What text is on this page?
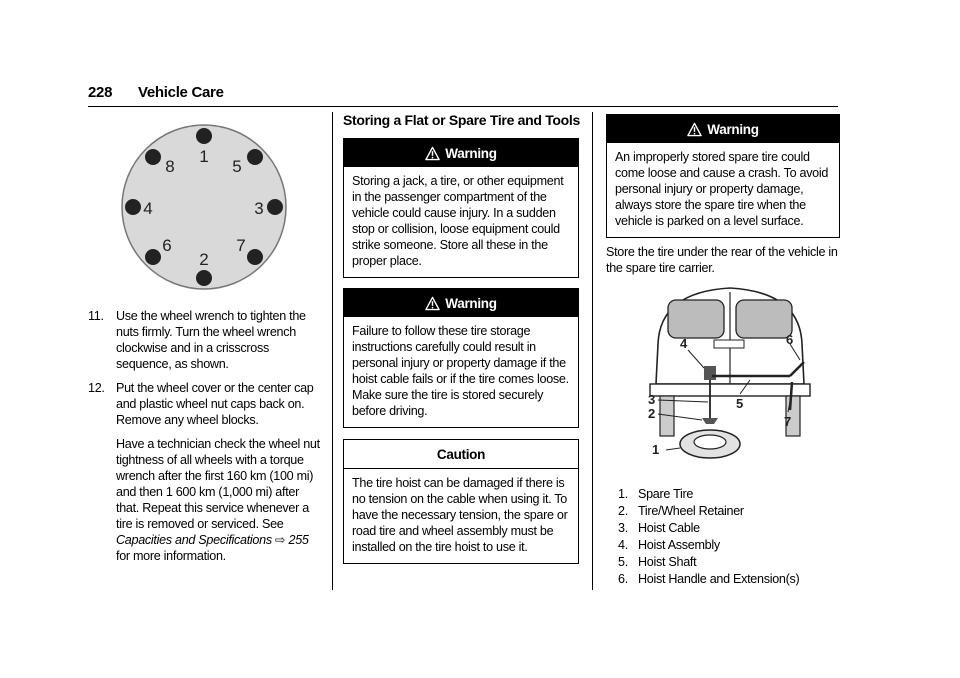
228 Vehicle Care
1
2
3
4
5
6	7
8
11. Use the wheel wrench to tighten the nuts firmly. Turn the wheel wrench clockwise and in a crisscross sequence, as shown.

12. Put the wheel cover or the center cap and plastic wheel nut caps back on. Remove any wheel blocks.

Have a technician check the wheel nut tightness of all wheels with a torque wrench after the first 160 km (100 mi) and then 1 600 km (1,000 mi) after that. Repeat this service whenever a tire is removed or serviced. See Capacities and Specifications ⇨ 255 for more information.

Storing a Flat or Spare Tire and Tools
Warning
Storing a jack, a tire, or other equipment in the passenger compartment of the vehicle could cause injury. In a sudden stop or collision, loose equipment could strike someone. Store all these in the proper place.
Warning
Failure to follow these tire storage instructions carefully could result in personal injury or property damage if the hoist cable fails or if the tire comes loose. Make sure the tire is stored securely before driving.
Caution
The tire hoist can be damaged if there is no tension on the cable when using it. To have the necessary tension, the spare or road tire and wheel assembly must be installed on the tire hoist to use it.
Warning
An improperly stored spare tire could come loose and cause a crash. To avoid personal injury or property damage, always store the spare tire when the vehicle is parked on a level surface.
Store the tire under the rear of the vehicle in the spare tire carrier.
1
2
3
4
5
6
7
1. Spare Tire
2. Tire/Wheel Retainer
3. Hoist Cable
4. Hoist Assembly
5. Hoist Shaft
6. Hoist Handle and Extension(s)
